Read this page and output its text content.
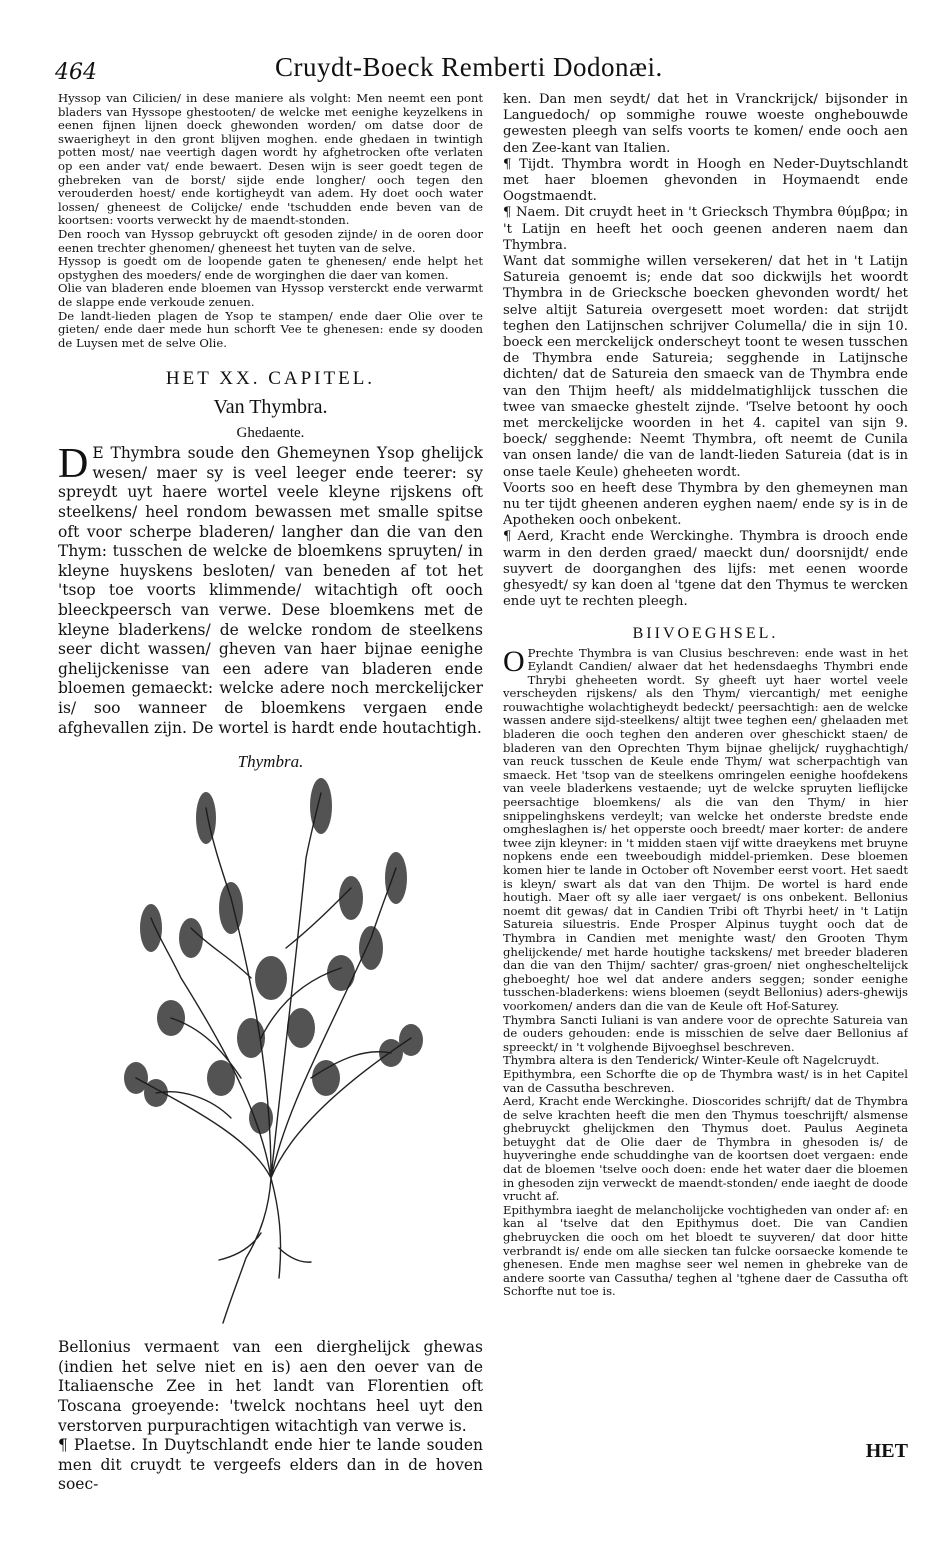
464	Cruydt-Boeck Remberti Dodonæi.

Hyssop van Cilicien/ in dese maniere als volght: Men neemt een pont bladers van Hyssope ghestooten/ de welcke met eenighe keyzelkens in eenen fijnen lijnen doeck ghewonden worden/ om datse door de swaerigheyt in den gront blijven moghen. ende ghedaen in twintigh potten most/ nae veertigh dagen wordt hy afghetrocken ofte verlaten op een ander vat/ ende bewaert. Desen wijn is seer goedt tegen de ghebreken van de borst/ sijde ende longher/ ooch tegen den verouderden hoest/ ende kortigheydt van adem. Hy doet ooch water lossen/ gheneest de Colijcke/ ende 'tschudden ende beven van de koortsen: voorts verweckt hy de maendt-stonden.

Den rooch van Hyssop gebruyckt oft gesoden zijnde/ in de ooren door eenen trechter ghenomen/ gheneest het tuyten van de selve.

Hyssop is goedt om de loopende gaten te ghenesen/ ende helpt het opstyghen des moeders/ ende de worginghen die daer van komen.

Olie van bladeren ende bloemen van Hyssop versterckt ende verwarmt de slappe ende verkoude zenuen.

De landt-lieden plagen de Ysop te stampen/ ende daer Olie over te gieten/ ende daer mede hun schorft Vee te ghenesen: ende sy dooden de Luysen met de selve Olie.

HET XX. CAPITEL.
Van Thymbra.
Ghedaente.

D E Thymbra soude den Ghemeynen Ysop ghelijck wesen/ maer sy is veel leeger ende teerer: sy spreydt uyt haere wortel veele kleyne rijskens oft steelkens/ heel rondom bewassen met smalle spitse oft voor scherpe bladeren/ langher dan die van den Thym: tusschen de welcke de bloemkens spruyten/ in kleyne huyskens besloten/ van beneden af tot het 'tsop toe voorts klimmende/ witachtigh oft ooch bleeckpeersch van verwe. Dese bloemkens met de kleyne bladerkens/ de welcke rondom de steelkens seer dicht wassen/ gheven van haer bijnae eenighe ghelijckenisse van een adere van bladeren ende bloemen gemaeckt: welcke adere noch merckelijcker is/ soo wanneer de bloemkens vergaen ende afghevallen zijn. De wortel is hardt ende houtachtigh.

Thymbra.

Bellonius vermaent van een dierghelijck ghewas (indien het selve niet en is) aen den oever van de Italiaensche Zee in het landt van Florentien oft Toscana groeyende: 'twelck nochtans heel uyt den verstorven purpurachtigen witachtigh van verwe is.

¶ Plaetse. In Duytschlandt ende hier te lande souden men dit cruydt te vergeefs elders dan in de hoven soec-

ken. Dan men seydt/ dat het in Vranckrijck/ bijsonder in Languedoch/ op sommighe rouwe woeste onghebouwde gewesten pleegh van selfs voorts te komen/ ende ooch aen den Zee-kant van Italien.

¶ Tijdt. Thymbra wordt in Hoogh en Neder-Duytschlandt met haer bloemen ghevonden in Hoymaendt ende Oogstmaendt.

¶ Naem. Dit cruydt heet in 't Griecksch Thymbra θύμβρα; in 't Latijn en heeft het ooch geenen anderen naem dan Thymbra.

Want dat sommighe willen versekeren/ dat het in 't Latijn Satureia genoemt is; ende dat soo dickwijls het woordt Thymbra in de Griecksche boecken ghevonden wordt/ het selve altijt Satureia overgesett moet worden: dat strijdt teghen den Latijnschen schrijver Columella/ die in sijn 10. boeck een merckelijck onderscheyt toont te wesen tusschen de Thymbra ende Satureia; segghende in Latijnsche dichten/ dat de Satureia den smaeck van de Thymbra ende van den Thijm heeft/ als middelmatighlijck tusschen die twee van smaecke ghestelt zijnde. 'Tselve betoont hy ooch met merckelijcke woorden in het 4. capitel van sijn 9. boeck/ segghende: Neemt Thymbra, oft neemt de Cunila van onsen lande/ die van de landt-lieden Satureia (dat is in onse taele Keule) gheheeten wordt.

Voorts soo en heeft dese Thymbra by den ghemeynen man nu ter tijdt gheenen anderen eyghen naem/ ende sy is in de Apotheken ooch onbekent.

¶ Aerd, Kracht ende Werckinghe. Thymbra is drooch ende warm in den derden graed/ maeckt dun/ doorsnijdt/ ende suyvert de doorganghen des lijfs: met eenen woorde ghesyedt/ sy kan doen al 'tgene dat den Thymus te wercken ende uyt te rechten pleegh.

BIIVOEGHSEL.

O Prechte Thymbra is van Clusius beschreven: ende wast in het Eylandt Candien/ alwaer dat het hedensdaeghs Thymbri ende Thrybi gheheeten wordt. Sy gheeft uyt haer wortel veele verscheyden rijskens/ als den Thym/ viercantigh/ met eenighe rouwachtighe wolachtigheydt bedeckt/ peersachtigh: aen de welcke wassen andere sijd-steelkens/ altijt twee teghen een/ ghelaaden met bladeren die ooch teghen den anderen over gheschickt staen/ de bladeren van den Oprechten Thym bijnae ghelijck/ ruyghachtigh/ van reuck tusschen de Keule ende Thym/ wat scherpachtigh van smaeck. Het 'tsop van de steelkens omringelen eenighe hoofdekens van veele bladerkens vestaende; uyt de welcke spruyten lieflijcke peersachtige bloemkens/ als die van den Thym/ in hier snippelinghskens verdeylt; van welcke het onderste bredste ende omgheslaghen is/ het opperste ooch breedt/ maer korter: de andere twee zijn kleyner: in 't midden staen vijf witte draeykens met bruyne nopkens ende een tweeboudigh middel-priemken. Dese bloemen komen hier te lande in October oft November eerst voort. Het saedt is kleyn/ swart als dat van den Thijm. De wortel is hard ende houtigh. Maer oft sy alle iaer vergaet/ is ons onbekent. Bellonius noemt dit gewas/ dat in Candien Tribi oft Thyrbi heet/ in 't Latijn Satureia siluestris. Ende Prosper Alpinus tuyght ooch dat de Thymbra in Candien met menighte wast/ den Grooten Thym ghelijckende/ met harde houtighe tackskens/ met breeder bladeren dan die van den Thijm/ sachter/ gras-groen/ niet onghescheltelijck gheboeght/ hoe wel dat andere anders seggen; sonder eenighe tusschen-bladerkens: wiens bloemen (seydt Bellonius) aders-ghewijs voorkomen/ anders dan die van de Keule oft Hof-Saturey.

Thymbra Sancti Iuliani is van andere voor de oprechte Satureia van de ouders gehouden: ende is misschien de selve daer Bellonius af spreeckt/ in 't volghende Bijvoeghsel beschreven.

Thymbra altera is den Tenderick/ Winter-Keule oft Nagelcruydt.

Epithymbra, een Schorfte die op de Thymbra wast/ is in het Capitel van de Cassutha beschreven.

Aerd, Kracht ende Werckinghe. Dioscorides schrijft/ dat de Thymbra de selve krachten heeft die men den Thymus toeschrijft/ alsmense ghebruyckt ghelijckmen den Thymus doet. Paulus Aegineta betuyght dat de Olie daer de Thymbra in ghesoden is/ de huyveringhe ende schuddinghe van de koortsen doet vergaen: ende dat de bloemen 'tselve ooch doen: ende het water daer die bloemen in ghesoden zijn verweckt de maendt-stonden/ ende iaeght de doode vrucht af.

Epithymbra iaeght de melancholijcke vochtigheden van onder af: en kan al 'tselve dat den Epithymus doet. Die van Candien ghebruycken die ooch om het bloedt te suyveren/ dat door hitte verbrandt is/ ende om alle siecken tan fulcke oorsaecke komende te ghenesen. Ende men maghse seer wel nemen in ghebreke van de andere soorte van Cassutha/ teghen al 'tghene daer de Cassutha oft Schorfte nut toe is.

HET
